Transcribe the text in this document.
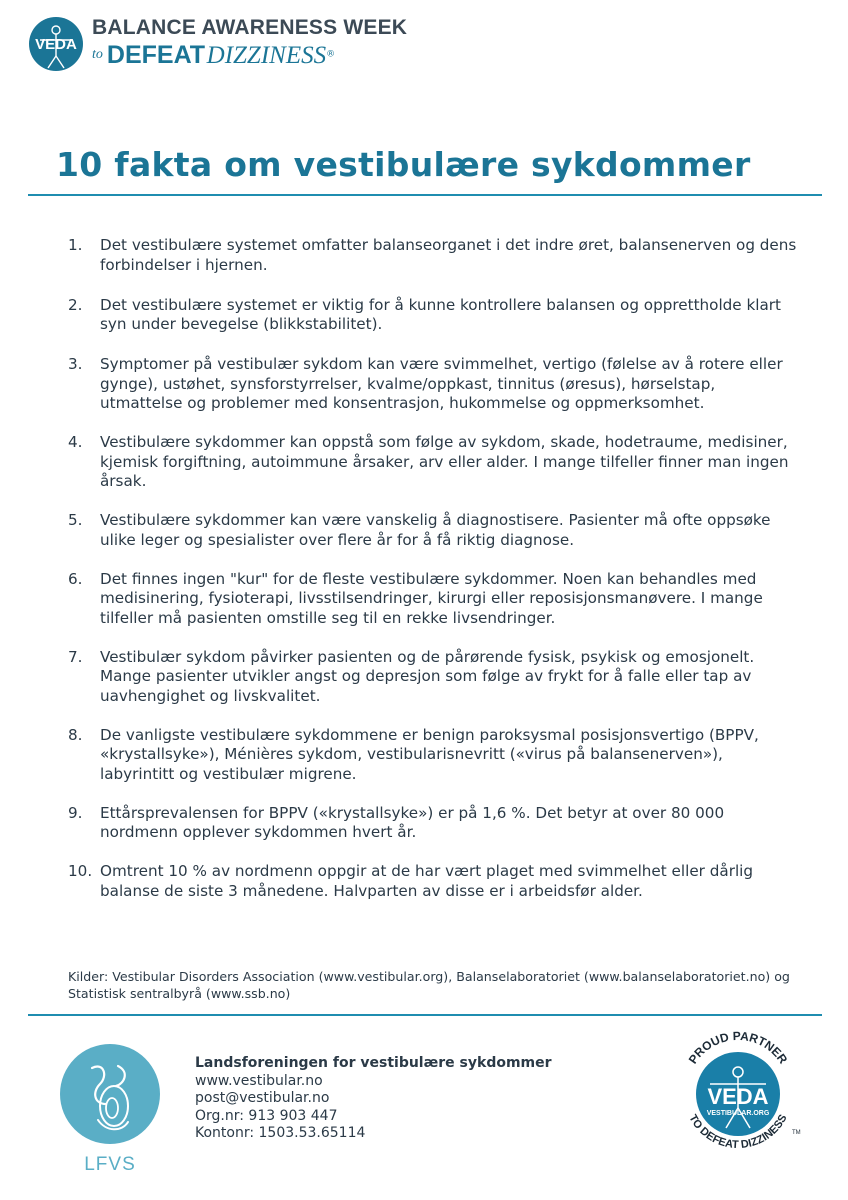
VEDA
BALANCE AWARENESS WEEK
to DEFEAT DIZZINESS®
10 fakta om vestibulære sykdommer
1.	Det vestibulære systemet omfatter balanseorganet i det indre øret, balansenerven og dens forbindelser i hjernen.
2.	Det vestibulære systemet er viktig for å kunne kontrollere balansen og opprettholde klart syn under bevegelse (blikkstabilitet).
3.	Symptomer på vestibulær sykdom kan være svimmelhet, vertigo (følelse av å rotere eller gynge), ustøhet, synsforstyrrelser, kvalme/oppkast, tinnitus (øresus), hørselstap, utmattelse og problemer med konsentrasjon, hukommelse og oppmerksomhet.
4.	Vestibulære sykdommer kan oppstå som følge av sykdom, skade, hodetraume, medisiner, kjemisk forgiftning, autoimmune årsaker, arv eller alder. I mange tilfeller finner man ingen årsak.
5.	Vestibulære sykdommer kan være vanskelig å diagnostisere. Pasienter må ofte oppsøke ulike leger og spesialister over flere år for å få riktig diagnose.
6.	Det finnes ingen "kur" for de fleste vestibulære sykdommer. Noen kan behandles med medisinering, fysioterapi, livsstilsendringer, kirurgi eller reposisjonsmanøvere. I mange tilfeller må pasienten omstille seg til en rekke livsendringer.
7.	Vestibulær sykdom påvirker pasienten og de pårørende fysisk, psykisk og emosjonelt. Mange pasienter utvikler angst og depresjon som følge av frykt for å falle eller tap av uavhengighet og livskvalitet.
8.	De vanligste vestibulære sykdommene er benign paroksysmal posisjonsvertigo (BPPV, «krystallsyke»), Ménières sykdom, vestibularisnevritt («virus på balansenerven»), labyrintitt og vestibulær migrene.
9.	Ettårsprevalensen for BPPV («krystallsyke») er på 1,6 %. Det betyr at over 80 000 nordmenn opplever sykdommen hvert år.
10. Omtrent 10 % av nordmenn oppgir at de har vært plaget med svimmelhet eller dårlig balanse de siste 3 månedene. Halvparten av disse er i arbeidsfør alder.
Kilder: Vestibular Disorders Association (www.vestibular.org), Balanselaboratoriet (www.balanselaboratoriet.no) og Statistisk sentralbyrå (www.ssb.no)
LFVS
Landsforeningen for vestibulære sykdommer
www.vestibular.no
post@vestibular.no
Org.nr: 913 903 447
Kontonr: 1503.53.65114
VEDA
VESTIBULAR.ORG
PROUD PARTNER
TO DEFEAT DIZZINESS
TM
